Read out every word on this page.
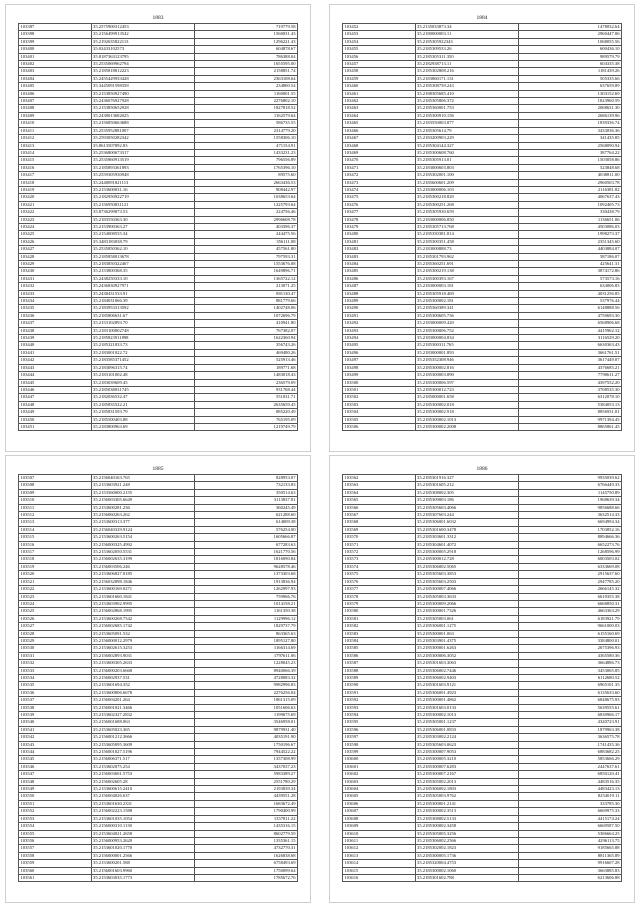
1883
103387	35.2575900312453	719779.58
103398	35.2156499913542	1560031.43
103399	35.2192635822113	1296221.43
103400	35.02433102573	604878.67
103401	35.8187363123795	786388.04
103402	35.2535069962794	1655595.00
103403	35.2185818812223	2158851.74
103404	35.2455429933428	2363108.64
103405	35.3445091598358	234800.54
103406	35.2153850927490	1160001.55
103407	35.2436076927928	2276802.10
103408	35.2153850652928	1827818.52
103409	35.2438013682025	1162579.64
103410	35.2156850663688	586735.55
103411	35.2535952881007	2314779.20
103412	35.2593050282342	1558306.10
103413	35.8613507892.83	471154.91
103414	35.2536800673317	1433231.23
103415	35.2535860913519	796556.89
103416	35.2185893361893	1765396.10
103417	35.2559305930948	89575.60
103418	35.2448091821113	2663436.53
103419	35.2153600031.16	908442.97
103420	35.2182950922719	1038653.64
103421	35.2156950831121	1225793.64
103422	35.8736299873.53	224756.46
103423	35.2183550363.30	2996608.78
103424	35.2153900363.27	403396.37
103425	35.2154008555.34	244475.56
103426	35.3483183038.79	356111.08
103427	35.2535850362.10	457561.80
103428	35.2185858013678	797593.31
103429	35.2183850322467	1553676.08
103430	35.2153800368.35	1649896.71
103431	35.2438250333.10	1365722.12
103432	35.2436830927971	213071.25
103433	35.2438431533.91	881130.47
103434	35.2184031066.39	881779.66
103435	35.2183953313592	1402748.06
103436	35.2185806631.67	1072696.79
103437	35.2153102893.70	410941.80
103438	35.2183100002748	767382.07
103439	35.2185823911898	1622360.94
103440	35.2185321833.73	356743.26
103441	35.2183001022.72	469480.26
103442	35.2183585371452	525913.46
103443	35.2183096315.74	189771.68
103444	35.2183101002.48	1483018.43
103445	35.2183039609.45	236579.09
103446	35.2185038031745	931768.44
103447	35.2182036532.47	551031.71
103448	35.2185835522.21	2635659.45
103449	35.2185831593.79	885220.49
103450	35.2185500403.88	765195.09
103451	35.2183800963.69	1219749.79
1884
103452	35.2135033873.34	1478032.64
103453	35.2180000003.11	2960447.06
103454	35.2185305922343	1068055.56
103455	35.2185309533.26	600436.10
103456	35.2185305311.350	989579.79
103457	35.2182938713.11	604335.38
103458	35.2185302808.216	1181439.26
103459	35.2183860171.131	505335.66
103460	35.2185308739.243	637659.89
103461	35.2188305685.410	1303152.69
103462	35.2185305806.372	1823960.59
103463	35.2185360001.753	2068631.30
103464	35.2185300910.156	2686139.96
103465	35.2183550003.877	1839336.74
103466	35.2185305614.79	3433036.36
103467	35.2183200903.229	341435.85
103468	35.2185304144.327	2568090.94
103469	35.2185300608.760	387764.22
103470	35.2185305913.01	1503058.86
103471	35.2183000603.803	523848.68
103472	35.2185302001.100	4038811.00
103473	35.2185600601.209	2960503.78
103474	35.2183000006.103	2116381.82
103475	35.2185300218.820	4067637.43
103476	35.2185300251.268	1092405.73
103477	35.2185305930.659	330438.79
103478	35.2183000006.850	1136651.06
103479	35.2185305713.768	4503086.03
103480	35.2185350381.814	1998273.37
103481	35.2185300351.458	2351345.60
103482	35.2183000888.73	4403884.07
103483	35.2185301793.962	587186.07
103484	35.2185360251.691	425641.31
103485	35.2185300219.138	3874172.86
103486	35.2185300393.167	573573.16
103487	35.2183000003.181	634006.83
103488	35.2185305918.469	4031256.85
103489	35.2185300002.181	537976.44
103490	35.2185360389.341	6148888.56
103491	35.2185300605.736	4750693.30
103492	35.2183000009.420	6568906.68
103493	35.2185300006.752	4415962.12
103494	35.2183000004.834	3116529.20
103495	35.2185300311.765	6630363.43
103496	35.2183000001.893	3661761.51
103497	35.2185352308.946	3617449.07
103498	35.2185300002.816	4376685.21
103499	35.2185300003.890	7790611.27
103500	35.2185300006.597	4397552.20
103501	35.2185300012.723	3708535.30
103502	35.2185000001.658	6312078.10
103503	35.2185300002.018	5384053.13
103504	35.2185300002.918	8856931.01
103505	35.2185300002.1013	9971394.45
103506	35.2185300002.2008	8865861.45
1885
103507	35.2156040163.765	828953.07
103508	35.2153603921.248	732133.83
103509	35.2153560000.2155	350514.63
103510	35.2156003305.6649	3113837.81
103511	35.2153600281.236	360245.49
103512	35.2156060263.262	621288.60
103513	35.2153600313.377	614009.38
103514	35.2156040329.9124	576254.00
103515	35.2153600263.5154	1605666.87
103516	35.2156000325.4992	677283.63
103517	35.2153602050.5531	1621770.56
103518	35.2156002635.3199	1816090.84
103519	35.2156003506.246	9628578.46
103520	35.2153606827.0185	1373303.68
103521	35.2156032898.1846	1913836.94
103522	35.2153600169.0271	1262997.93
103523	35.2153601660.1841	759966.76
103524	35.2153603902.9995	1014158.21
103525	35.2156002868.1995	1161350.38
103526	35.2153600268.7542	1129996.12
103527	35.2156002685.1742	1829737.79
103528	35.2153605091.532	863365.63
103529	35.2156000012.2979	1895127.80
103530	35.2153602615.3253	1166314.69
103531	35.2156002893.9031	1797611.06
103532	35.2153600305.2633	1228045.23
103533	35.2156000203.6668	8940066.39
103534	35.2156002937.531	4728083.32
103535	35.2153601694.352	9982996.83
103536	35.2153600806.6678	2276256.04
103537	35.2156004201.264	1861315.09
103538	35.2156001021.3466	1051606.63
103539	35.2153602327.2832	1199675.69
103540	35.2156001688.063	3546958.01
103541	35.2153605023.365	9879931.40
103542	35.2156001212.3666	4035191.90
103543	35.2153605095.3609	1750196.67
103544	35.2156001027.5196	7944522.22
103545	35.2156006371.517	1357308.99
103546	35.2153602075.254	3437037.23
103547	35.2156003601.5753	5983389.27
103548	35.2156002605.28	2551780.29
103549	35.2153600615.2410	2193839.34
103550	35.2156004026.637	4439551.28
103551	35.2153601630.2331	1683672.49
103552	35.2156002223.1588	1790400.99
103553	35.2153601035.1054	1357811.22
103554	35.2156000310.1130	1435316.15
103555	35.2153604021.2658	8602779.59
103556	35.2156000953.2620	1335361.15
103557	35.2153601020.1770	4732770.31
103558	35.2156000001.2566	1626838.68
103559	35.2153600201.588	6758493.69
103560	35.2156001603.9960	1750099.64
103561	35.2153603035.1773	1785672.76
1886
103562	35.2185301916.327	9935039.62
103563	35.2185301605.212	6766449.33
103564	35.2185308002.305	1145750.89
103565	35.2185309003.186	1968639.34
103566	35.2185305603.4066	9856688.66
103567	35.2185307603.244	3632514.33
103568	35.2185306001.6032	6694994.34
103569	35.2185301600.3478	1703852.16
103570	35.2185303601.3312	8894666.36
103571	35.2185304601.4072	6652273.76
103572	35.2185300005.2918	1268596.99
103573	35.2185300012.728	6003503.02
103574	35.2185306002.5065	6333669.08
103575	35.2185305603.3853	2915637.60
103576	35.2185305603.2503	2947785.20
103577	35.2185300007.4066	2666145.32
103578	35.2185305003.3633	6619355.38
103579	35.2185300009.2066	6668850.31
103580	35.2185300001.7326	4663363.29
103581	35.2185305003.061	6183921.79
103582	35.2185306001.1275	9661000.03
103583	35.2185300001.063	6155160.69
103584	35.2185303901.4375	3384800.01
103585	35.2185300001.6263	2675396.93
103586	35.2185300006.3052	4365580.36
103587	35.2185301603.3063	3664886.73
103588	35.2185306002.7446	3453065.85
103589	35.2185306002.9403	6112680.52
103590	35.2185301603.9121	6965101.35
103591	35.2185306001.4923	6135633.60
103592	35.2185300001.4862	6848675.93
103593	35.2185301603.0133	5639555.61
103594	35.2185300002.1013	6830966.17
103595	35.2185305001.1237	4320723.91
103596	35.2185306001.0833	1879963.38
103597	35.2185303002.2124	3636575.78
103598	35.2185305603.0623	1741435.36
103599	35.2185300007.9053	6883682.25
103600	35.2185300005.3210	5853666.29
103601	35.2185300007.6283	2447637.61
103602	35.2185300007.2167	6850120.41
103603	35.2185305002.2013	4483516.35
103604	35.2185306002.1803	4483423.13
103605	35.2185305003.9762	8254019.11
103606	35.2185300001.2141	333785.30
103607	35.2185300002.3513	6669975.33
103608	35.2185308002.5133	4415174.24
103609	35.2185300002.3458	6669587.50
103610	35.2185305005.3256	5386664.25
103611	35.2185306002.2566	4296113.75
103612	35.2185302002.1823	9185665.88
103613	35.2185300005.1736	8811365.89
103614	35.2185320004.4753	9916607.28
103615	35.2185300002.1060	3663885.83
103616	35.2185301602.788	6213606.88
